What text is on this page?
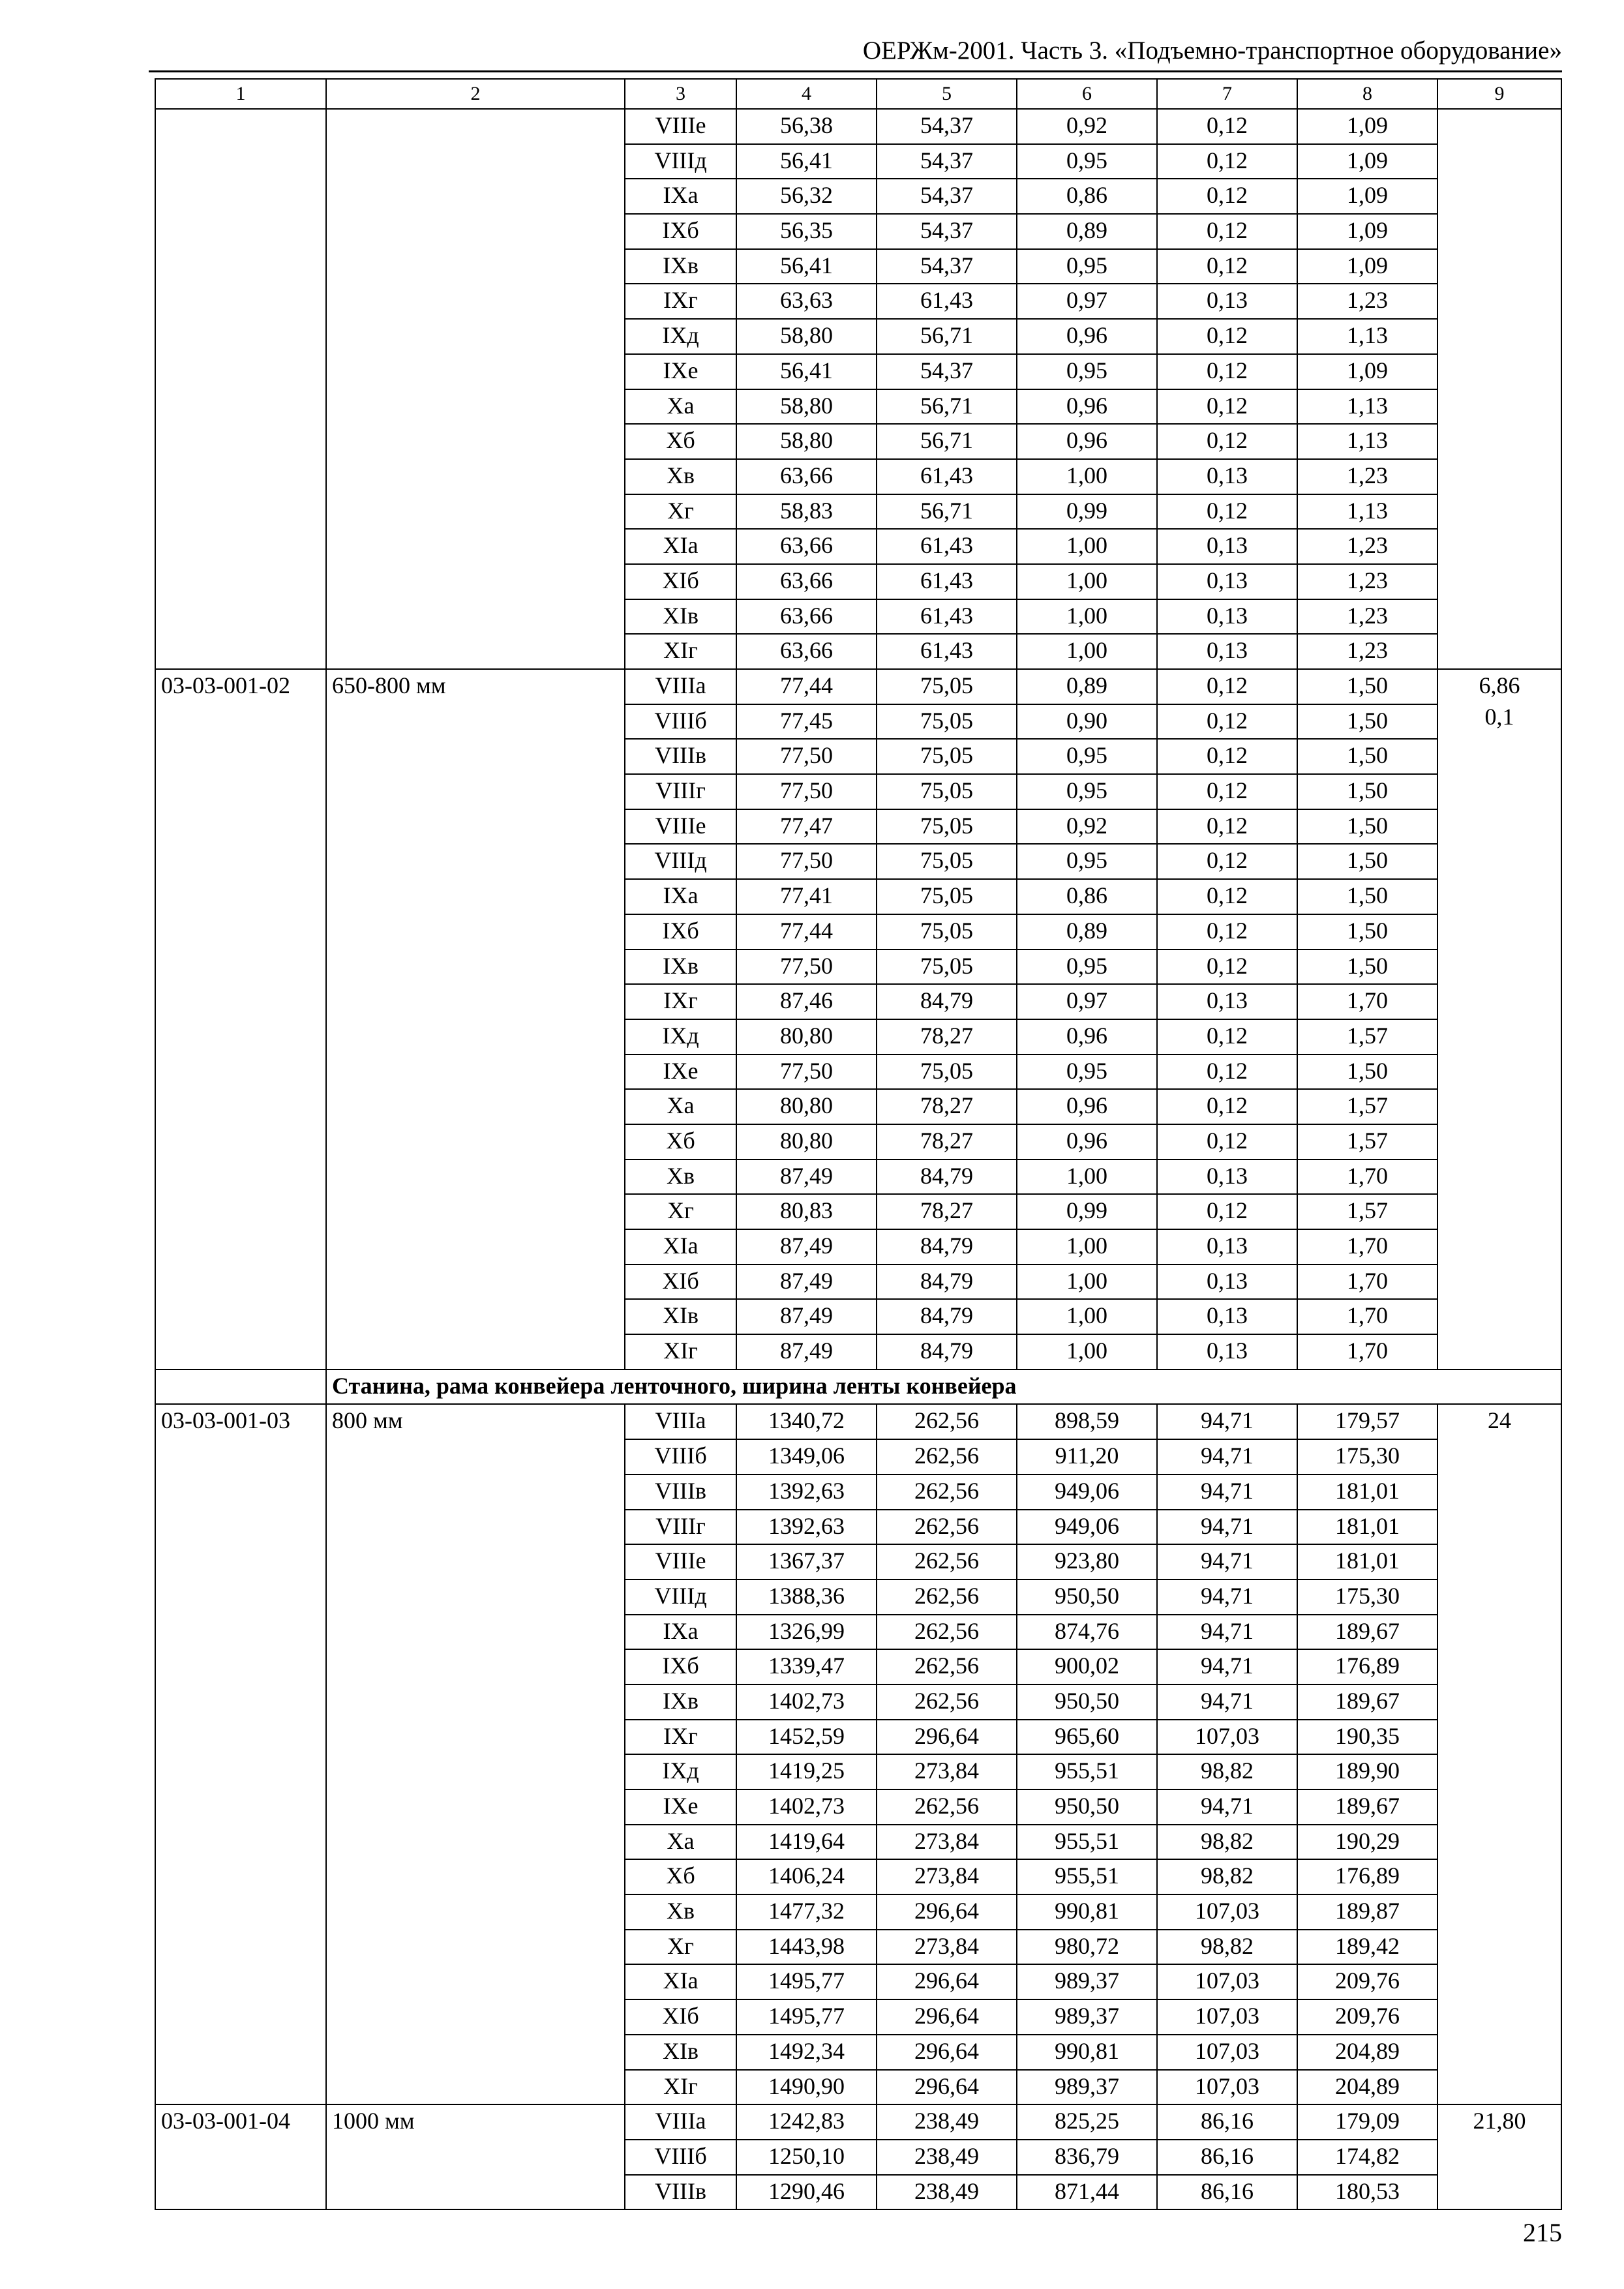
ОЕРЖм-2001. Часть 3. «Подъемно-транспортное оборудование»
1	2	3	4	5	6	7	8	9
		VIIIе	56,38	54,37	0,92	0,12	1,09	
		VIIIд	56,41	54,37	0,95	0,12	1,09	
		IXа	56,32	54,37	0,86	0,12	1,09	
		IXб	56,35	54,37	0,89	0,12	1,09	
		IXв	56,41	54,37	0,95	0,12	1,09	
		IXг	63,63	61,43	0,97	0,13	1,23	
		IXд	58,80	56,71	0,96	0,12	1,13	
		IXе	56,41	54,37	0,95	0,12	1,09	
		Xа	58,80	56,71	0,96	0,12	1,13	
		Xб	58,80	56,71	0,96	0,12	1,13	
		Xв	63,66	61,43	1,00	0,13	1,23	
		Xг	58,83	56,71	0,99	0,12	1,13	
		XIа	63,66	61,43	1,00	0,13	1,23	
		XIб	63,66	61,43	1,00	0,13	1,23	
		XIв	63,66	61,43	1,00	0,13	1,23	
		XIг	63,66	61,43	1,00	0,13	1,23	
03-03-001-02	650-800 мм	VIIIа	77,44	75,05	0,89	0,12	1,50	6,86
0,1

		VIIIб	77,45	75,05	0,90	0,12	1,50	
		VIIIв	77,50	75,05	0,95	0,12	1,50	
		VIIIг	77,50	75,05	0,95	0,12	1,50	
		VIIIе	77,47	75,05	0,92	0,12	1,50	
		VIIIд	77,50	75,05	0,95	0,12	1,50	
		IXа	77,41	75,05	0,86	0,12	1,50	
		IXб	77,44	75,05	0,89	0,12	1,50	
		IXв	77,50	75,05	0,95	0,12	1,50	
		IXг	87,46	84,79	0,97	0,13	1,70	
		IXд	80,80	78,27	0,96	0,12	1,57	
		IXе	77,50	75,05	0,95	0,12	1,50	
		Xа	80,80	78,27	0,96	0,12	1,57	
		Xб	80,80	78,27	0,96	0,12	1,57	
		Xв	87,49	84,79	1,00	0,13	1,70	
		Xг	80,83	78,27	0,99	0,12	1,57	
		XIа	87,49	84,79	1,00	0,13	1,70	
		XIб	87,49	84,79	1,00	0,13	1,70	
		XIв	87,49	84,79	1,00	0,13	1,70	
		XIг	87,49	84,79	1,00	0,13	1,70	
	Станина, рама конвейера ленточного, ширина ленты конвейера							
03-03-001-03	800 мм	VIIIа	1340,72	262,56	898,59	94,71	179,57	24

		VIIIб	1349,06	262,56	911,20	94,71	175,30	
		VIIIв	1392,63	262,56	949,06	94,71	181,01	
		VIIIг	1392,63	262,56	949,06	94,71	181,01	
		VIIIе	1367,37	262,56	923,80	94,71	181,01	
		VIIIд	1388,36	262,56	950,50	94,71	175,30	
		IXа	1326,99	262,56	874,76	94,71	189,67	
		IXб	1339,47	262,56	900,02	94,71	176,89	
		IXв	1402,73	262,56	950,50	94,71	189,67	
		IXг	1452,59	296,64	965,60	107,03	190,35	
		IXд	1419,25	273,84	955,51	98,82	189,90	
		IXе	1402,73	262,56	950,50	94,71	189,67	
		Xа	1419,64	273,84	955,51	98,82	190,29	
		Xб	1406,24	273,84	955,51	98,82	176,89	
		Xв	1477,32	296,64	990,81	107,03	189,87	
		Xг	1443,98	273,84	980,72	98,82	189,42	
		XIа	1495,77	296,64	989,37	107,03	209,76	
		XIб	1495,77	296,64	989,37	107,03	209,76	
		XIв	1492,34	296,64	990,81	107,03	204,89	
		XIг	1490,90	296,64	989,37	107,03	204,89	
03-03-001-04	1000 мм	VIIIа	1242,83	238,49	825,25	86,16	179,09	21,80

		VIIIб	1250,10	238,49	836,79	86,16	174,82	
		VIIIв	1290,46	238,49	871,44	86,16	180,53	
215
